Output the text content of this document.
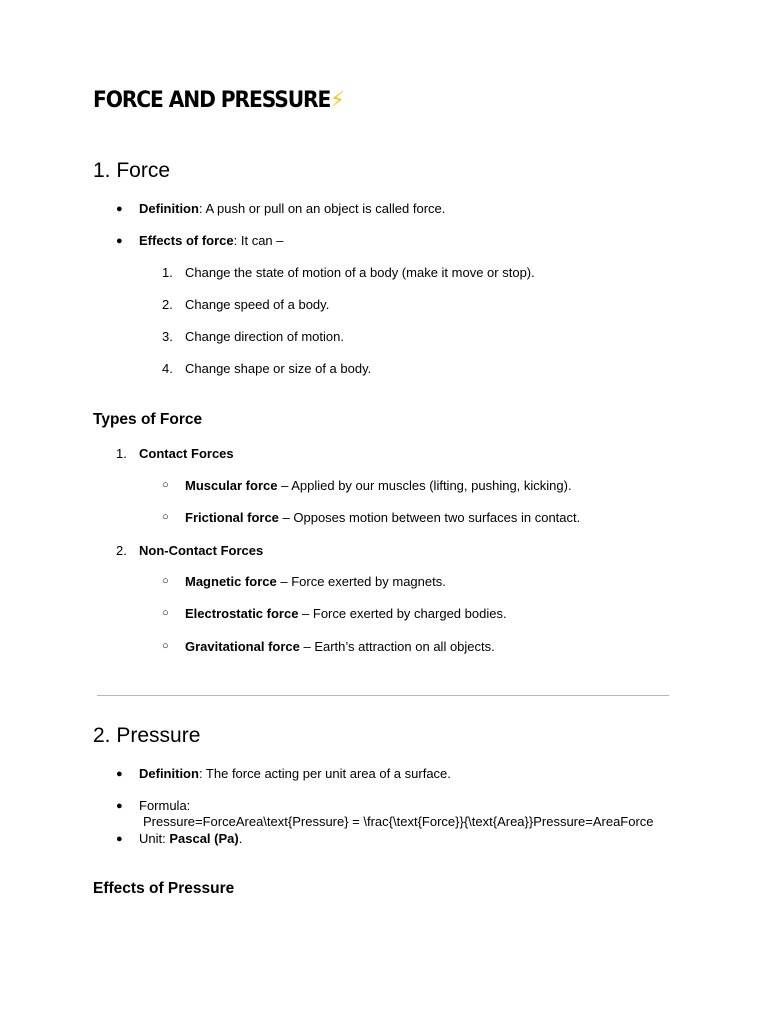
FORCE AND PRESSURE⚡
1. Force
● Definition: A push or pull on an object is called force.
● Effects of force: It can –
1. Change the state of motion of a body (make it move or stop).
2. Change speed of a body.
3. Change direction of motion.
4. Change shape or size of a body.
Types of Force
1. Contact Forces
○ Muscular force – Applied by our muscles (lifting, pushing, kicking).
○ Frictional force – Opposes motion between two surfaces in contact.
2. Non-Contact Forces
○ Magnetic force – Force exerted by magnets.
○ Electrostatic force – Force exerted by charged bodies.
○ Gravitational force – Earth’s attraction on all objects.
2. Pressure
● Definition: The force acting per unit area of a surface.
● Formula:
Pressure=ForceArea\text{Pressure} = \frac{\text{Force}}{\text{Area}}Pressure=AreaForce
● Unit: Pascal (Pa).
Effects of Pressure
